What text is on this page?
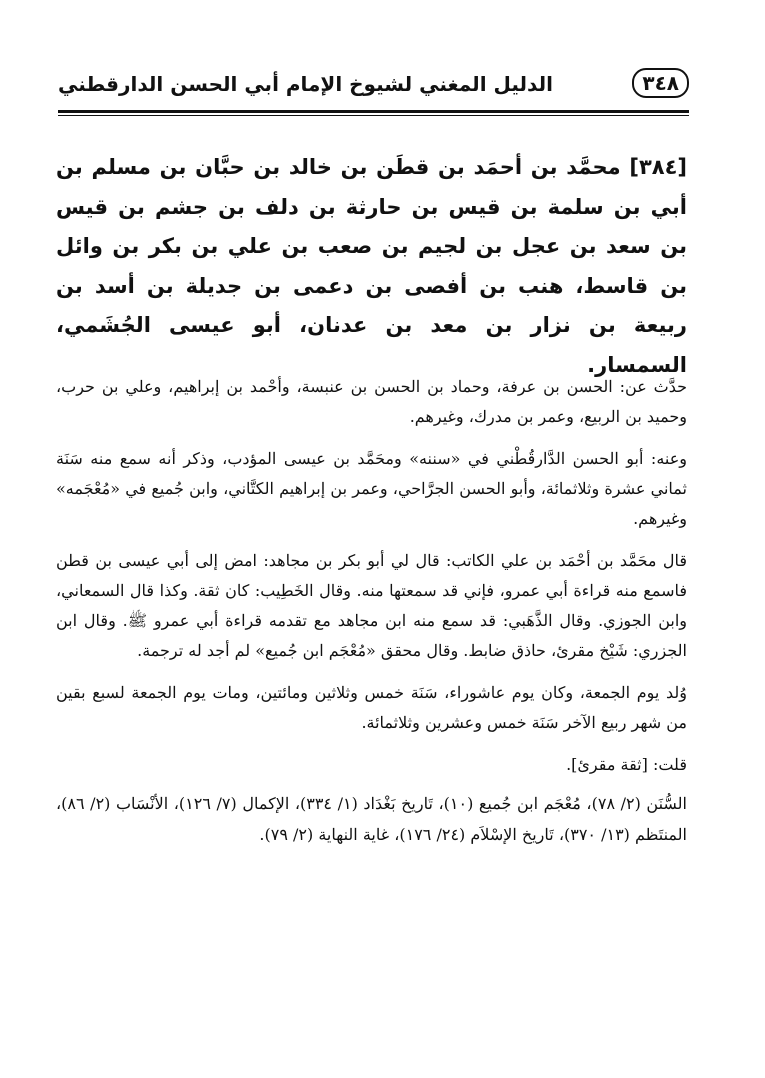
٣٤٨
الدليل المغني لشيوخ الإمام أبي الحسن الدارقطني
[٣٨٤] محمَّد بن أحمَد بن قطَن بن خالد بن حبَّان بن مسلم بن أبي بن سلمة بن قيس بن حارثة بن دلف بن جشم بن قيس بن سعد بن عجل بن لجيم بن صعب بن علي بن بكر بن وائل بن قاسط، هنب بن أفصى بن دعمى بن جديلة بن أسد بن ربيعة بن نزار بن معد بن عدنان، أبو عيسى الجُشَمي، السمسار.

حدَّث عن: الحسن بن عرفة، وحماد بن الحسن بن عنبسة، وأحْمد بن إبراهيم، وعلي بن حرب، وحميد بن الربيع، وعمر بن مدرك، وغيرهم.

وعنه: أبو الحسن الدَّارقُطْني في «سننه» ومحَمَّد بن عيسى المؤدب، وذكر أنه سمع منه سَنَة ثماني عشرة وثلاثمائة، وأبو الحسن الجرَّاحي، وعمر بن إبراهيم الكتَّاني، وابن جُميع في «مُعْجَمه» وغيرهم.

قال محَمَّد بن أحْمَد بن علي الكاتب: قال لي أبو بكر بن مجاهد: امض إلى أبي عيسى بن قطن فاسمع منه قراءة أبي عمرو، فإني قد سمعتها منه. وقال الخَطِيب: كان ثقة. وكذا قال السمعاني، وابن الجوزي. وقال الذَّهَبي: قد سمع منه ابن مجاهد مع تقدمه قراءة أبي عمرو ﷺ. وقال ابن الجزري: شَيْخ مقرئ، حاذق ضابط. وقال محقق «مُعْجَم ابن جُميع» لم أجد له ترجمة.

وُلد يوم الجمعة، وكان يوم عاشوراء، سَنَة خمس وثلاثين ومائتين، ومات يوم الجمعة لسبع بقين من شهر ربيع الآخر سَنَة خمس وعشرين وثلاثمائة.

قلت: [ثقة مقرئ].

السُّنَن (٢/ ٧٨)، مُعْجَم ابن جُميع (١٠)، تَاريخ بَغْدَاد (١/ ٣٣٤)، الإكمال (٧/ ١٢٦)، الأنْسَاب (٢/ ٨٦)، المنتَظم (١٣/ ٣٧٠)، تَاريخ الإسْلاَم (٢٤/ ١٧٦)، غاية النهاية (٢/ ٧٩).
